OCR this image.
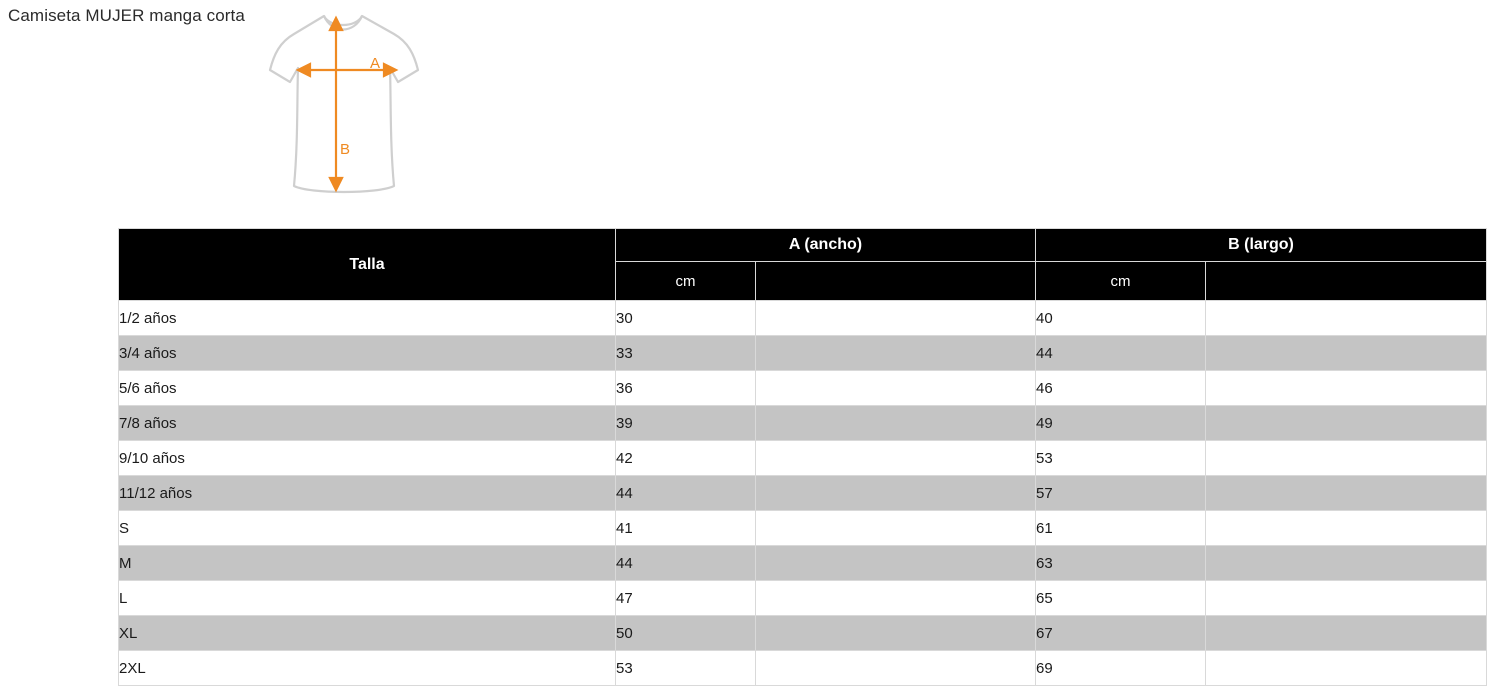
Camiseta MUJER manga corta
A
B
Talla	A (ancho)		B (largo)	
	cm		cm	
1/2 años	30		40	
3/4 años	33		44	
5/6 años	36		46	
7/8 años	39		49	
9/10 años	42		53	
11/12 años	44		57	
S	41		61	
M	44		63	
L	47		65	
XL	50		67	
2XL	53		69	
